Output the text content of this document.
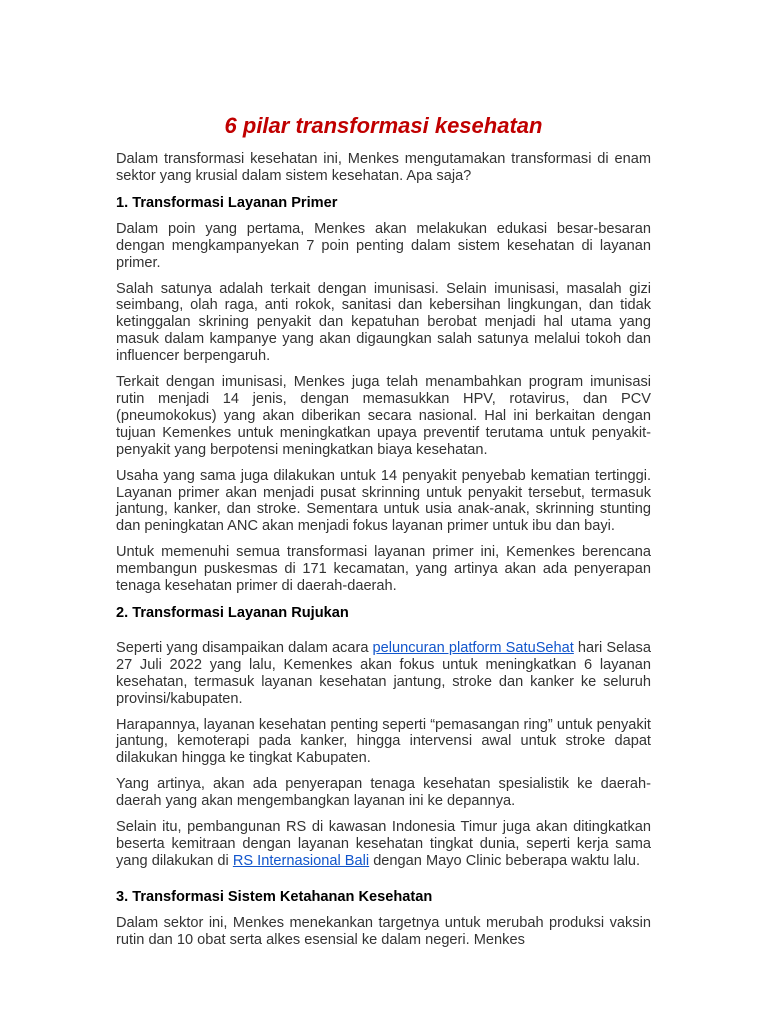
6 pilar transformasi kesehatan

Dalam transformasi kesehatan ini, Menkes mengutamakan transformasi di enam sektor yang krusial dalam sistem kesehatan. Apa saja?

1. Transformasi Layanan Primer

Dalam poin yang pertama, Menkes akan melakukan edukasi besar-besaran dengan mengkampanyekan 7 poin penting dalam sistem kesehatan di layanan primer.

Salah satunya adalah terkait dengan imunisasi. Selain imunisasi, masalah gizi seimbang, olah raga, anti rokok, sanitasi dan kebersihan lingkungan, dan tidak ketinggalan skrining penyakit dan kepatuhan berobat menjadi hal utama yang masuk dalam kampanye yang akan digaungkan salah satunya melalui tokoh dan influencer berpengaruh.

Terkait dengan imunisasi, Menkes juga telah menambahkan program imunisasi rutin menjadi 14 jenis, dengan memasukkan HPV, rotavirus, dan PCV (pneumokokus) yang akan diberikan secara nasional. Hal ini berkaitan dengan tujuan Kemenkes untuk meningkatkan upaya preventif terutama untuk penyakit-penyakit yang berpotensi meningkatkan biaya kesehatan.

Usaha yang sama juga dilakukan untuk 14 penyakit penyebab kematian tertinggi. Layanan primer akan menjadi pusat skrinning untuk penyakit tersebut, termasuk jantung, kanker, dan stroke. Sementara untuk usia anak-anak, skrinning stunting dan peningkatan ANC akan menjadi fokus layanan primer untuk ibu dan bayi.

Untuk memenuhi semua transformasi layanan primer ini, Kemenkes berencana membangun puskesmas di 171 kecamatan, yang artinya akan ada penyerapan tenaga kesehatan primer di daerah-daerah.

2. Transformasi Layanan Rujukan

Seperti yang disampaikan dalam acara peluncuran platform SatuSehat hari Selasa 27 Juli 2022 yang lalu, Kemenkes akan fokus untuk meningkatkan 6 layanan kesehatan, termasuk layanan kesehatan jantung, stroke dan kanker ke seluruh provinsi/kabupaten.

Harapannya, layanan kesehatan penting seperti “pemasangan ring” untuk penyakit jantung, kemoterapi pada kanker, hingga intervensi awal untuk stroke dapat dilakukan hingga ke tingkat Kabupaten.

Yang artinya, akan ada penyerapan tenaga kesehatan spesialistik ke daerah-daerah yang akan mengembangkan layanan ini ke depannya.

Selain itu, pembangunan RS di kawasan Indonesia Timur juga akan ditingkatkan beserta kemitraan dengan layanan kesehatan tingkat dunia, seperti kerja sama yang dilakukan di RS Internasional Bali dengan Mayo Clinic beberapa waktu lalu.

3. Transformasi Sistem Ketahanan Kesehatan

Dalam sektor ini, Menkes menekankan targetnya untuk merubah produksi vaksin rutin dan 10 obat serta alkes esensial ke dalam negeri. Menkes
